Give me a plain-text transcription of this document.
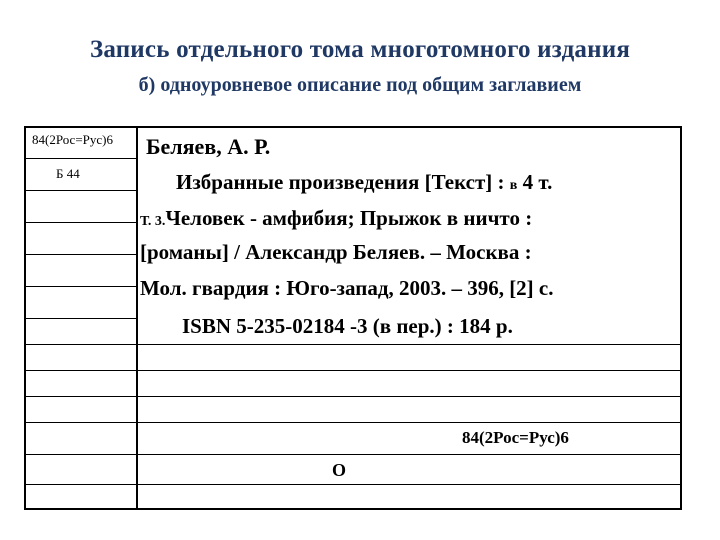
Запись отдельного тома многотомного издания
б) одноуровневое описание под общим заглавием
84(2Рос=Рус)6
Б 44
Беляев, А. Р.
Избранные произведения [Текст] : в 4 т.
Т. 3.Человек - амфибия; Прыжок в ничто :
[романы] / Александр Беляев. – Москва :
Мол. гвардия : Юго-запад, 2003. – 396, [2] с.
ISBN 5-235-02184 -3 (в пер.) : 184 р.
84(2Рос=Рус)6
О
